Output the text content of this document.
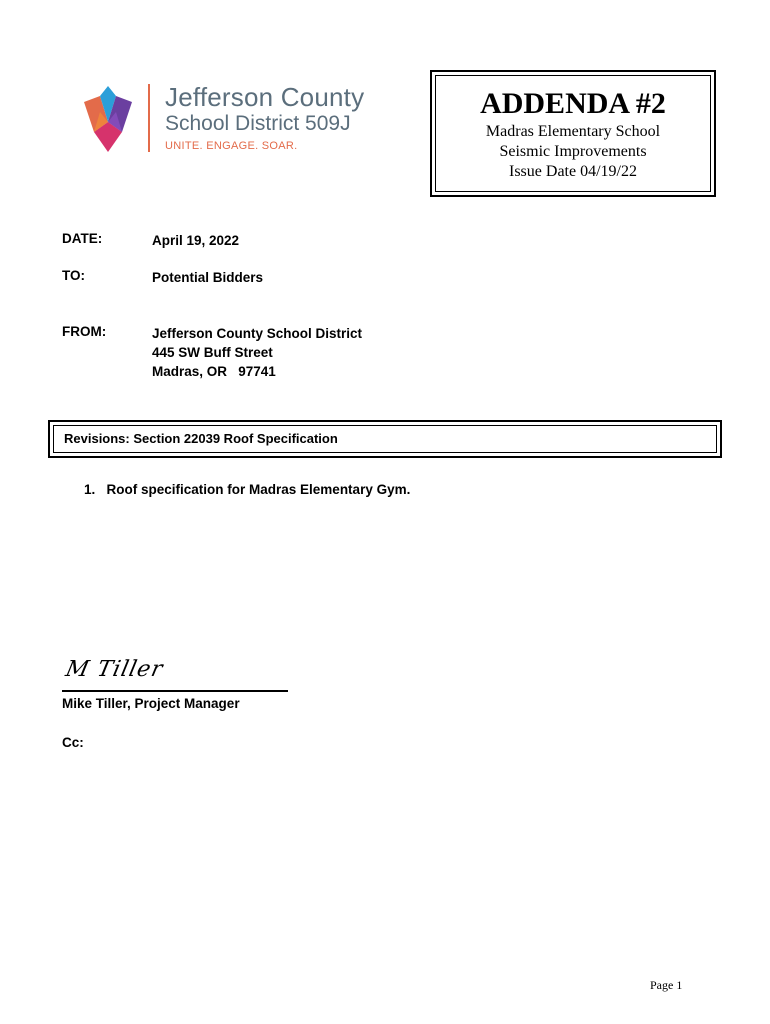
Jefferson County
School District 509J
UNITE. ENGAGE. SOAR.
ADDENDA #2
Madras Elementary School
Seismic Improvements
Issue Date 04/19/22
DATE:	April 19, 2022
TO:	Potential Bidders
FROM:	Jefferson County School District
445 SW Buff Street
Madras, OR   97741
Revisions: Section 22039 Roof Specification
1.   Roof specification for Madras Elementary Gym.
M Tiller
Mike Tiller, Project Manager
Cc:
Page 1
